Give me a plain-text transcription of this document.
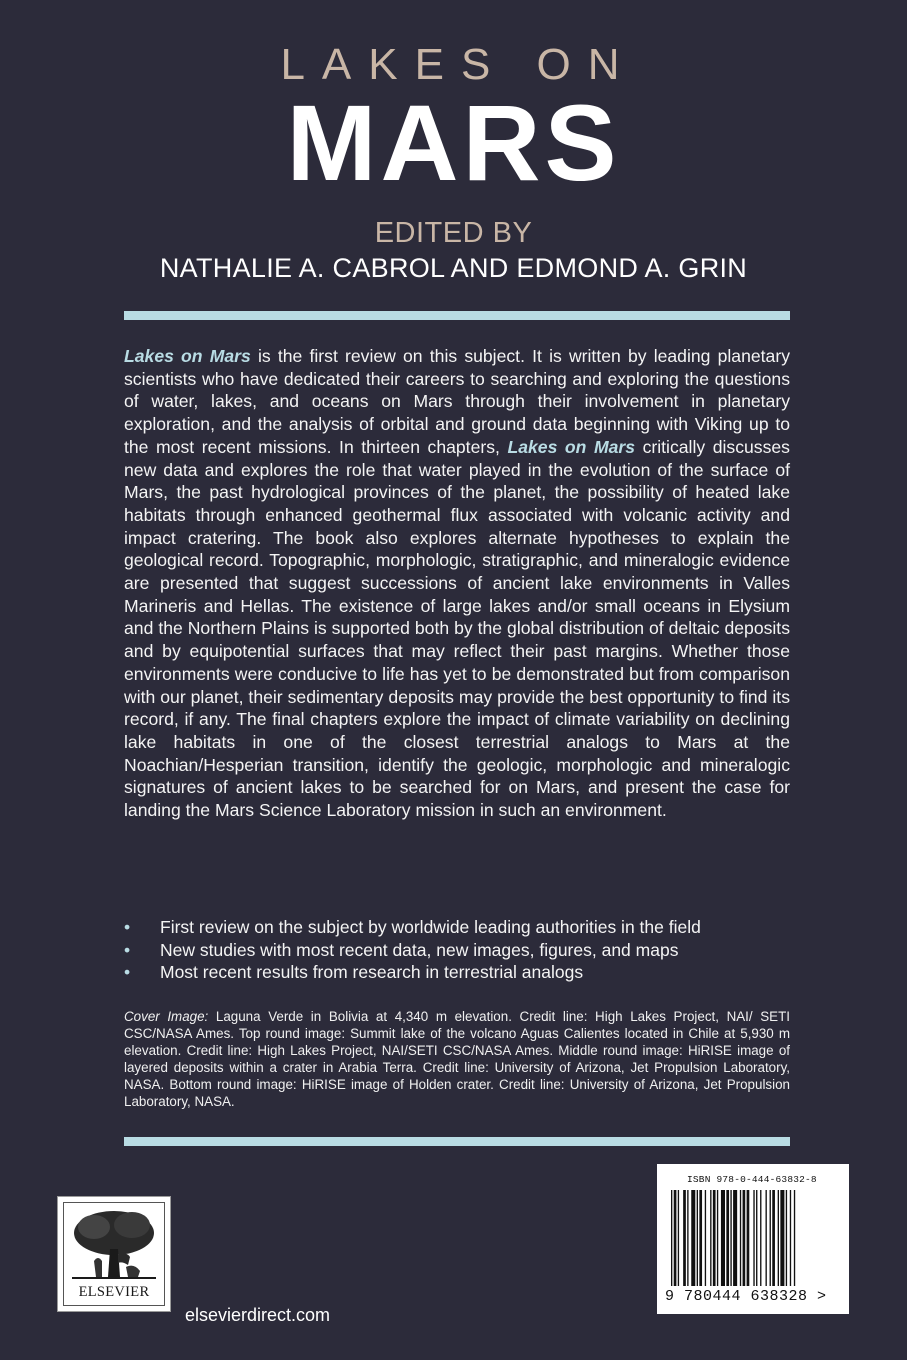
LAKES ON
MARS
EDITED BY
NATHALIE A. CABROL AND EDMOND A. GRIN

Lakes on Mars is the first review on this subject. It is written by leading planetary scientists who have dedicated their careers to searching and exploring the questions of water, lakes, and oceans on Mars through their involvement in planetary exploration, and the analysis of orbital and ground data beginning with Viking up to the most recent missions. In thirteen chapters, Lakes on Mars critically discusses new data and explores the role that water played in the evolution of the surface of Mars, the past hydrological provinces of the planet, the possibility of heated lake habitats through enhanced geothermal flux associated with volcanic activity and impact cratering. The book also explores alternate hypotheses to explain the geological record. Topographic, morphologic, stratigraphic, and mineralogic evidence are presented that suggest successions of ancient lake environments in Valles Marineris and Hellas. The existence of large lakes and/or small oceans in Elysium and the Northern Plains is supported both by the global distribution of deltaic deposits and by equipotential surfaces that may reflect their past margins. Whether those environments were conducive to life has yet to be demonstrated but from comparison with our planet, their sedimentary deposits may provide the best opportunity to find its record, if any. The final chapters explore the impact of climate variability on declining lake habitats in one of the closest terrestrial analogs to Mars at the Noachian/Hesperian transition, identify the geologic, morphologic and mineralogic signatures of ancient lakes to be searched for on Mars, and present the case for landing the Mars Science Laboratory mission in such an environment.

• First review on the subject by worldwide leading authorities in the field
• New studies with most recent data, new images, figures, and maps
• Most recent results from research in terrestrial analogs

Cover Image: Laguna Verde in Bolivia at 4,340 m elevation. Credit line: High Lakes Project, NAI/ SETI CSC/NASA Ames. Top round image: Summit lake of the volcano Aguas Calientes located in Chile at 5,930 m elevation. Credit line: High Lakes Project, NAI/SETI CSC/NASA Ames. Middle round image: HiRISE image of layered deposits within a crater in Arabia Terra. Credit line: University of Arizona, Jet Propulsion Laboratory, NASA. Bottom round image: HiRISE image of Holden crater. Credit line: University of Arizona, Jet Propulsion Laboratory, NASA.

ELSEVIER
elsevierdirect.com
ISBN 978-0-444-63832-8
9 780444 638328 >
